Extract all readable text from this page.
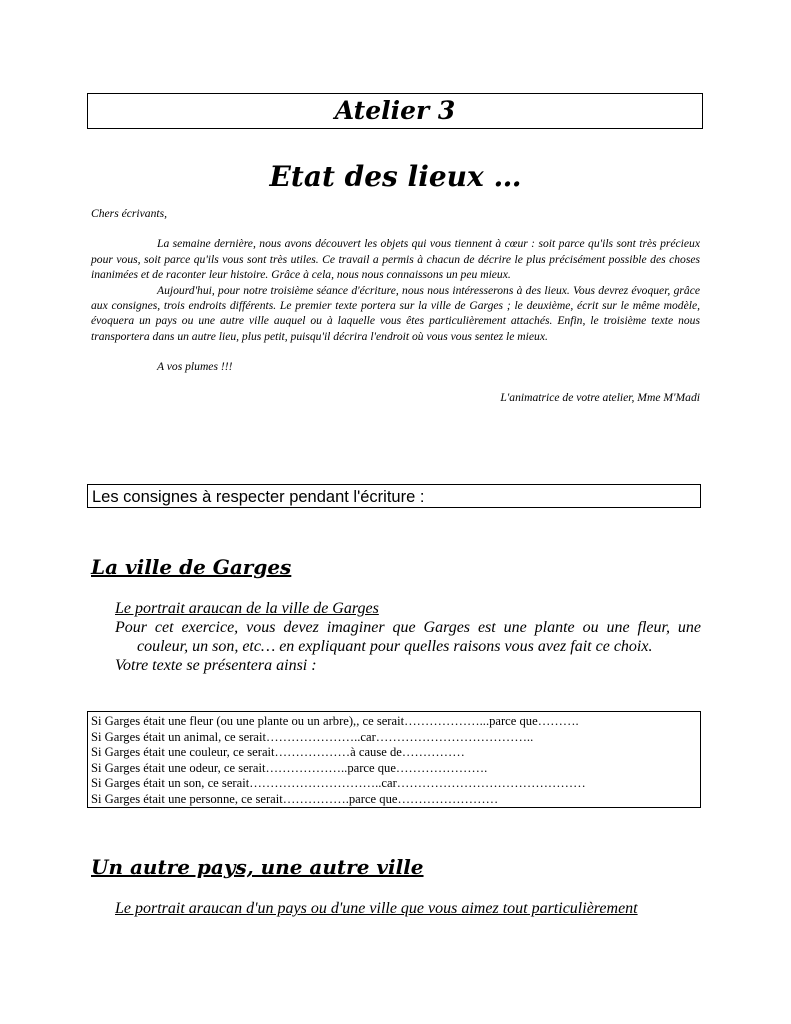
Atelier 3
Etat des lieux …

Chers écrivants,

La semaine dernière, nous avons découvert les objets qui vous tiennent à cœur : soit parce qu'ils sont très précieux pour vous, soit parce qu'ils vous sont très utiles. Ce travail a permis à chacun de décrire le plus précisément possible des choses inanimées et de raconter leur histoire. Grâce à cela, nous nous connaissons un peu mieux.

Aujourd'hui, pour notre troisième séance d'écriture, nous nous intéresserons à des lieux. Vous devrez évoquer, grâce aux consignes, trois endroits différents. Le premier texte portera sur la ville de Garges ; le deuxième, écrit sur le même modèle, évoquera un pays ou une autre ville auquel ou à laquelle vous êtes particulièrement attachés. Enfin, le troisième texte nous transportera dans un autre lieu, plus petit, puisqu'il décrira l'endroit où vous vous sentez le mieux.

A vos plumes !!!

L'animatrice de votre atelier, Mme M'Madi

Les consignes à respecter pendant l'écriture :
La ville de Garges
Le portrait araucan de la ville de Garges
Pour cet exercice, vous devez imaginer que Garges est une plante ou une fleur, une couleur, un son, etc… en expliquant pour quelles raisons vous avez fait ce choix.
Votre texte se présentera ainsi :
Si Garges était une fleur (ou une plante ou un arbre),, ce serait………………...parce que……….
Si Garges était un animal, ce serait…………………..car………………………………..
Si Garges était une couleur, ce serait………………à cause de……………
Si Garges était une odeur, ce serait………………..parce que………………….
Si Garges était un son, ce serait…………………………..car………………………………………
Si Garges était une personne, ce serait…………….parce que……………………
Un autre pays, une autre ville
Le portrait araucan d'un pays ou d'une ville que vous aimez tout particulièrement
